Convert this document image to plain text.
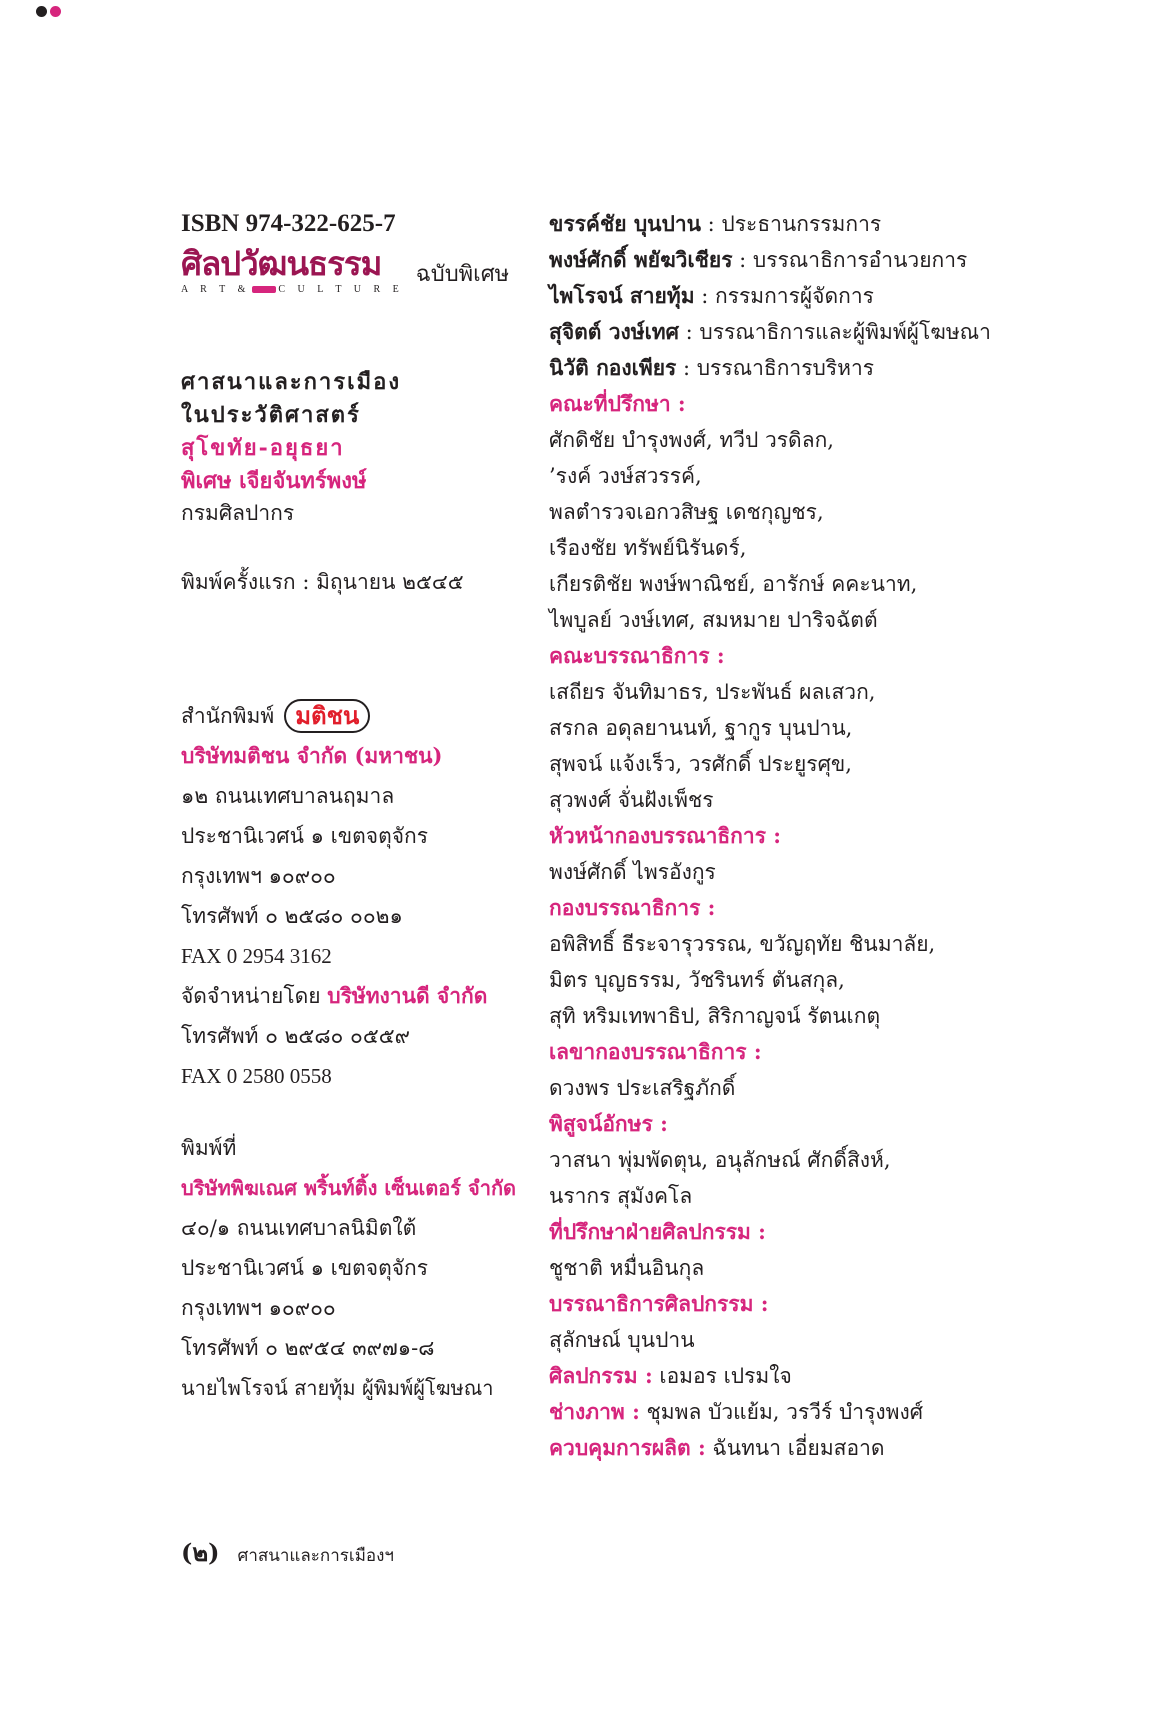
ISBN 974-322-625-7
ศิลปวัฒนธรรม
A R T &	C U L T U R E
ฉบับพิเศษ
ศาสนาและการเมือง
ในประวัติศาสตร์
สุโขทัย-อยุธยา
พิเศษ เจียจันทร์พงษ์
กรมศิลปากร
พิมพ์ครั้งแรก : มิถุนายน ๒๕๔๕
สำนักพิมพ์ มติชน
บริษัทมติชน จำกัด (มหาชน)
๑๒ ถนนเทศบาลนฤมาล
ประชานิเวศน์ ๑ เขตจตุจักร
กรุงเทพฯ ๑๐๙๐๐
โทรศัพท์ ๐ ๒๕๘๐ ๐๐๒๑
FAX 0 2954 3162
จัดจำหน่ายโดย บริษัทงานดี จำกัด
โทรศัพท์ ๐ ๒๕๘๐ ๐๕๕๙
FAX 0 2580 0558
พิมพ์ที่
บริษัทพิฆเณศ พริ้นท์ติ้ง เซ็นเตอร์ จำกัด
๔๐/๑ ถนนเทศบาลนิมิตใต้
ประชานิเวศน์ ๑ เขตจตุจักร
กรุงเทพฯ ๑๐๙๐๐
โทรศัพท์ ๐ ๒๙๕๔ ๓๙๗๑-๘
นายไพโรจน์ สายทุ้ม ผู้พิมพ์ผู้โฆษณา
ขรรค์ชัย บุนปาน : ประธานกรรมการ
พงษ์ศักดิ์ พยัฆวิเชียร : บรรณาธิการอำนวยการ
ไพโรจน์ สายทุ้ม : กรรมการผู้จัดการ
สุจิตต์ วงษ์เทศ : บรรณาธิการและผู้พิมพ์ผู้โฆษณา
นิวัติ กองเพียร : บรรณาธิการบริหาร
คณะที่ปรึกษา :
ศักดิชัย บำรุงพงศ์, ทวีป วรดิลก,
’รงค์ วงษ์สวรรค์,
พลตำรวจเอกวสิษฐ เดชกุญชร,
เรืองชัย ทรัพย์นิรันดร์,
เกียรติชัย พงษ์พาณิชย์, อารักษ์ คคะนาท,
ไพบูลย์ วงษ์เทศ, สมหมาย ปาริจฉัตต์
คณะบรรณาธิการ :
เสถียร จันทิมาธร, ประพันธ์ ผลเสวก,
สรกล อดุลยานนท์, ฐากูร บุนปาน,
สุพจน์ แจ้งเร็ว, วรศักดิ์ ประยูรศุข,
สุวพงศ์ จั่นฝังเพ็ชร
หัวหน้ากองบรรณาธิการ :
พงษ์ศักดิ์ ไพรอังกูร
กองบรรณาธิการ :
อพิสิทธิ์ ธีระจารุวรรณ, ขวัญฤทัย ชินมาลัย,
มิตร บุญธรรม, วัชรินทร์ ตันสกุล,
สุทิ หริมเทพาธิป, สิริกาญจน์ รัตนเกตุ
เลขากองบรรณาธิการ :
ดวงพร ประเสริฐภักดิ์
พิสูจน์อักษร :
วาสนา พุ่มพัดตุน, อนุลักษณ์ ศักดิ์สิงห์,
นรากร สุมังคโล
ที่ปรึกษาฝ่ายศิลปกรรม :
ชูชาติ หมื่นอินกุล
บรรณาธิการศิลปกรรม :
สุลักษณ์ บุนปาน
ศิลปกรรม : เอมอร เปรมใจ
ช่างภาพ : ชุมพล บัวแย้ม, วรวีร์ บำรุงพงศ์
ควบคุมการผลิต : ฉันทนา เอี่ยมสอาด
(๒) ศาสนาและการเมืองฯ
